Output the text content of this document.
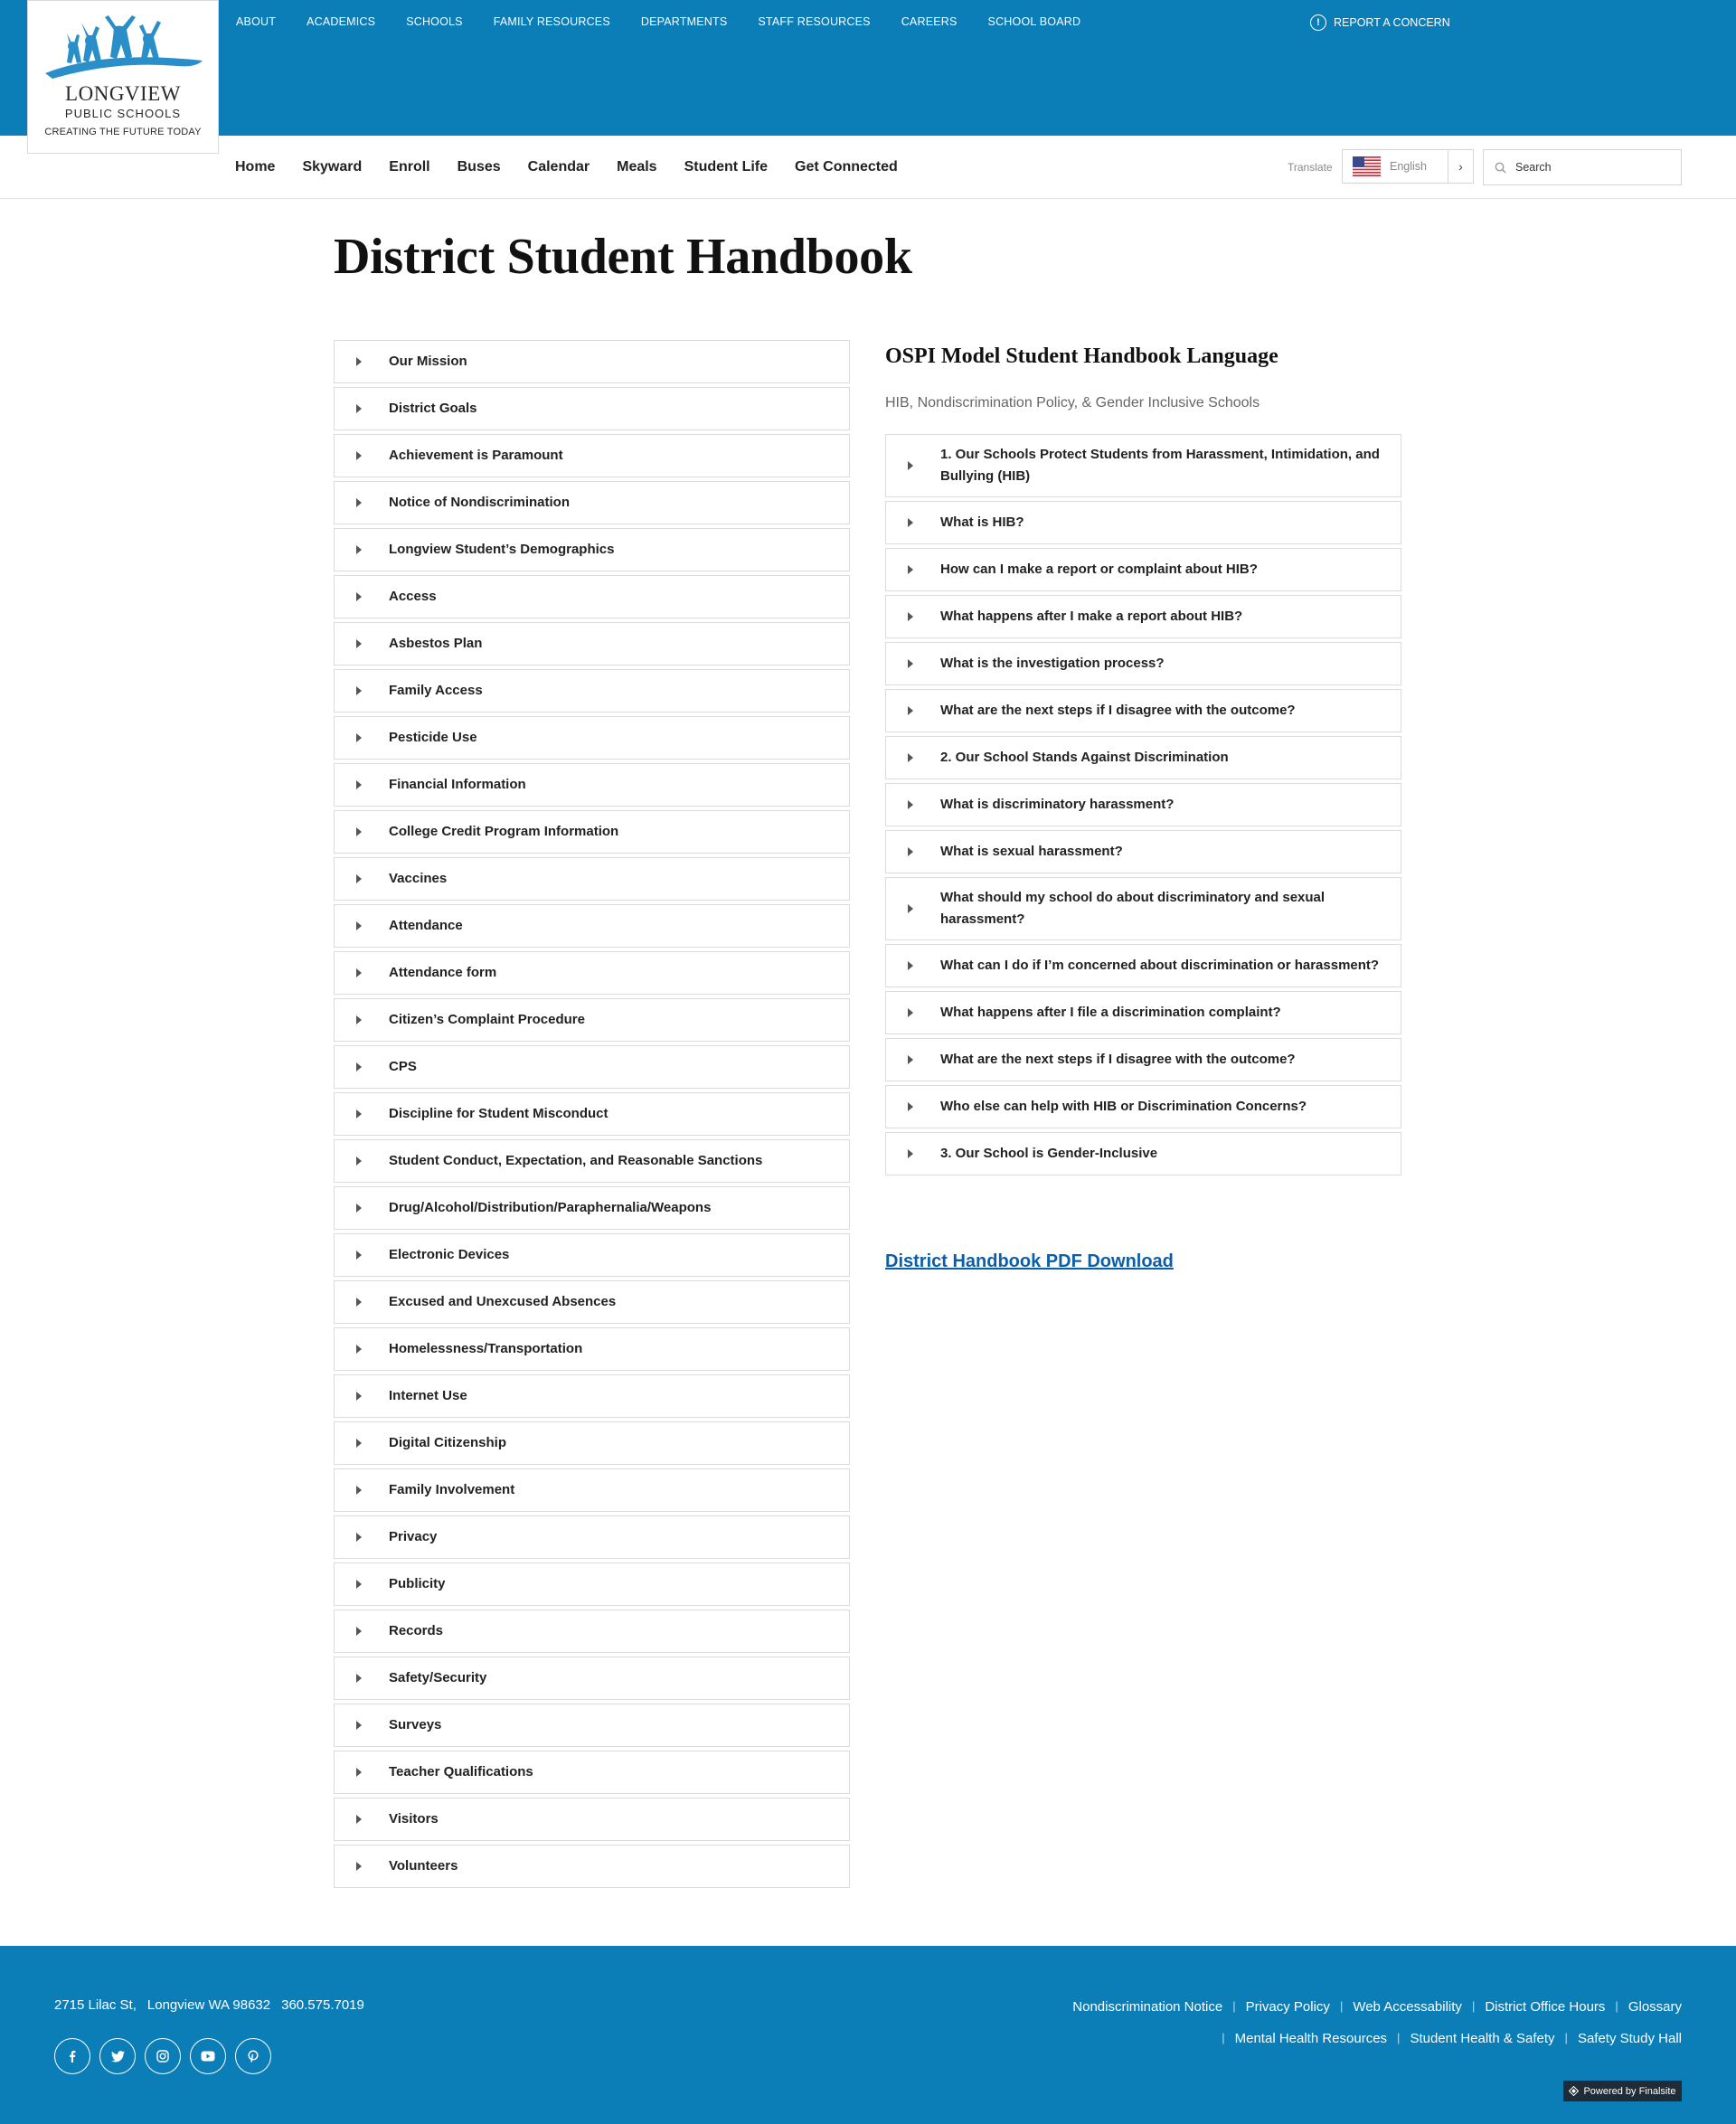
ABOUT	ACADEMICS	SCHOOLS	FAMILY RESOURCES	DEPARTMENTS	STAFF RESOURCES	CAREERS	SCHOOL BOARD	!	REPORT A CONCERN
LONGVIEW
PUBLIC SCHOOLS
CREATING THE FUTURE TODAY
Home	Skyward	Enroll	Buses	Calendar	Meals	Student Life	Get Connected	Translate	English	›
Search
District Student Handbook
Our Mission
District Goals
Achievement is Paramount
Notice of Nondiscrimination
Longview Student’s Demographics
Access
Asbestos Plan
Family Access
Pesticide Use
Financial Information
College Credit Program Information
Vaccines
Attendance
Attendance form
Citizen’s Complaint Procedure
CPS
Discipline for Student Misconduct
Student Conduct, Expectation, and Reasonable Sanctions
Drug/Alcohol/Distribution/Paraphernalia/Weapons
Electronic Devices
Excused and Unexcused Absences
Homelessness/Transportation
Internet Use
Digital Citizenship
Family Involvement
Privacy
Publicity
Records
Safety/Security
Surveys
Teacher Qualifications
Visitors
Volunteers
OSPI Model Student Handbook Language
HIB, Nondiscrimination Policy, & Gender Inclusive Schools
1. Our Schools Protect Students from Harassment, Intimidation, and Bullying (HIB)
What is HIB?
How can I make a report or complaint about HIB?
What happens after I make a report about HIB?
What is the investigation process?
What are the next steps if I disagree with the outcome?
2. Our School Stands Against Discrimination
What is discriminatory harassment?
What is sexual harassment?
What should my school do about discriminatory and sexual harassment?
What can I do if I’m concerned about discrimination or harassment?
What happens after I file a discrimination complaint?
What are the next steps if I disagree with the outcome?
Who else can help with HIB or Discrimination Concerns?
3. Our School is Gender-Inclusive
District Handbook PDF Download
2715 Lilac St, Longview WA 98632 360.575.7019	Nondiscrimination Notice | Privacy Policy | Web Accessability | District Office Hours | Glossary
| Mental Health Resources | Student Health & Safety | Safety Study Hall
Powered by Finalsite
